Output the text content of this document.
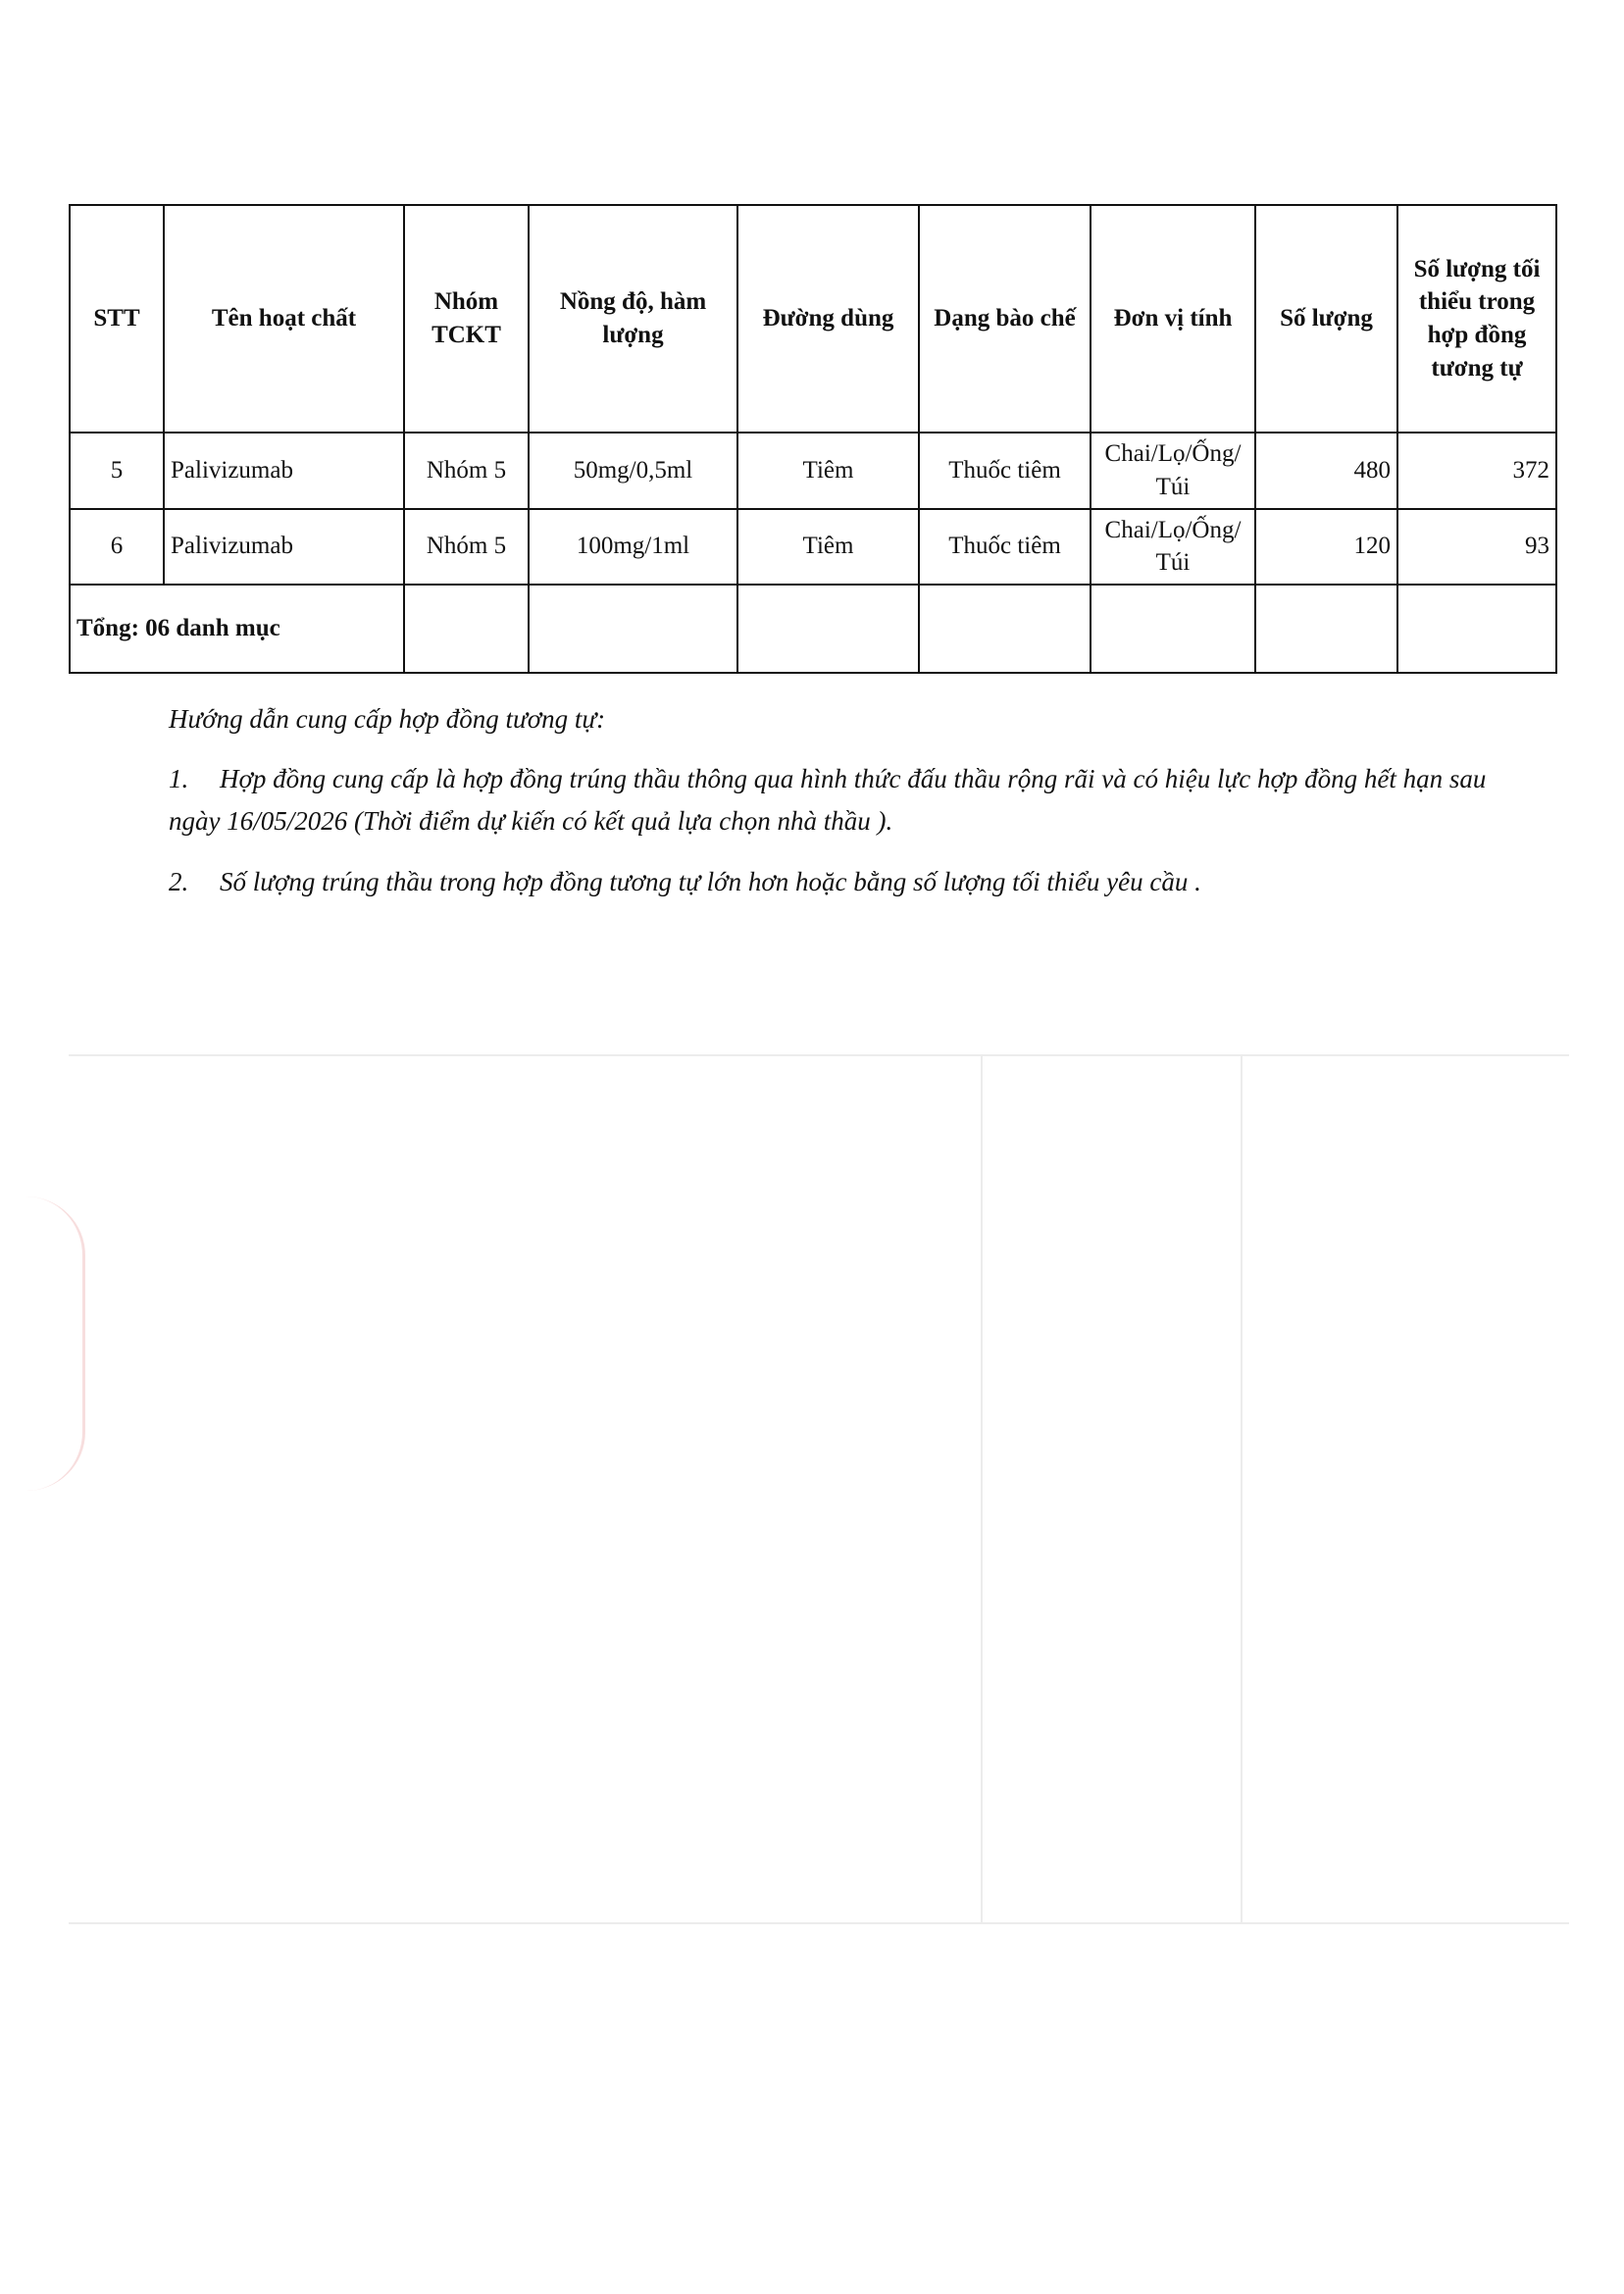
STT	Tên hoạt chất	Nhóm TCKT	Nồng độ, hàm lượng	Đường dùng	Dạng bào chế	Đơn vị tính	Số lượng	Số lượng tối thiểu trong hợp đồng tương tự
5	Palivizumab	Nhóm 5	50mg/0,5ml	Tiêm	Thuốc tiêm	Chai/Lọ/Ống/ Túi	480	372
6	Palivizumab	Nhóm 5	100mg/1ml	Tiêm	Thuốc tiêm	Chai/Lọ/Ống/ Túi	120	93
Tổng: 06 danh mục								

Hướng dẫn cung cấp hợp đồng tương tự:

1. Hợp đồng cung cấp là hợp đồng trúng thầu thông qua hình thức đấu thầu rộng rãi và có hiệu lực hợp đồng hết hạn sau ngày 16/05/2026 (Thời điểm dự kiến có kết quả lựa chọn nhà thầu ).

2. Số lượng trúng thầu trong hợp đồng tương tự lớn hơn hoặc bằng số lượng tối thiểu yêu cầu .
